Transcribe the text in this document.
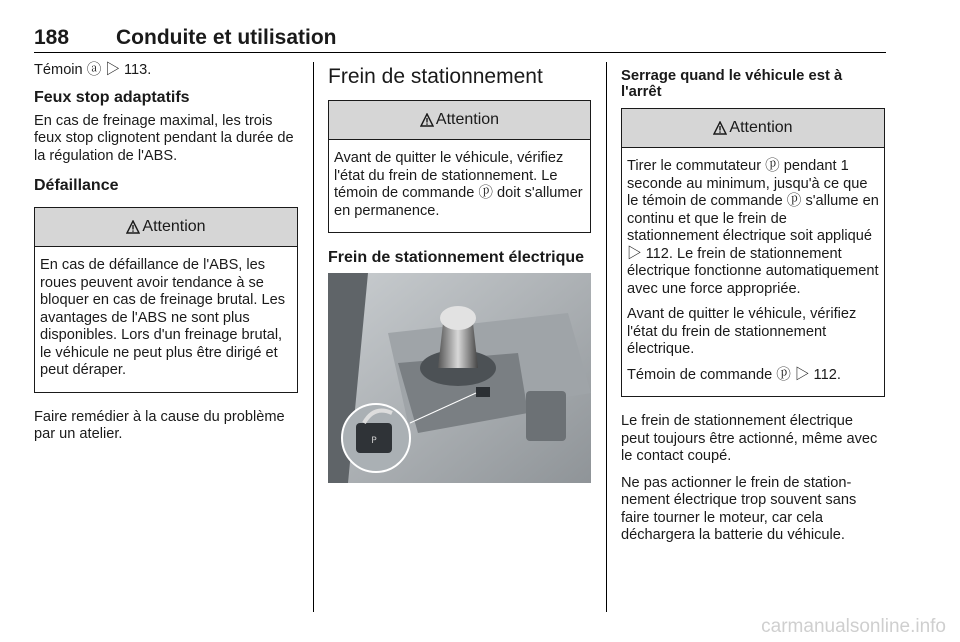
188 Conduite et utilisation

Témoin ⓐ ▷ 113.

Feux stop adaptatifs

En cas de freinage maximal, les trois feux stop clignotent pendant la durée de la régulation de l'ABS.

Défaillance
Attention

En cas de défaillance de l'ABS, les roues peuvent avoir tendance à se bloquer en cas de freinage brutal. Les avantages de l'ABS ne sont plus disponibles. Lors d'un freinage brutal, le véhicule ne peut plus être dirigé et peut déraper.

Faire remédier à la cause du problème par un atelier.

Frein de stationnement
Attention

Avant de quitter le véhicule, vérifiez l'état du frein de stationnement. Le témoin de commande ⓟ doit s'allumer en permanence.

Frein de stationnement électrique
P
Serrage quand le véhicule est à l'arrêt
Attention

Tirer le commutateur ⓟ pendant 1 seconde au minimum, jusqu'à ce que le témoin de commande ⓟ s'allume en continu et que le frein de stationnement électrique soit appliqué ▷ 112. Le frein de stationnement électrique fonctionne automatiquement avec une force appropriée.

Avant de quitter le véhicule, vérifiez l'état du frein de stationnement électrique.

Témoin de commande ⓟ ▷ 112.

Le frein de stationnement électrique peut toujours être actionné, même avec le contact coupé.

Ne pas actionner le frein de stationnement électrique trop souvent sans faire tourner le moteur, car cela déchargera la batterie du véhicule.

carmanualsonline.info
